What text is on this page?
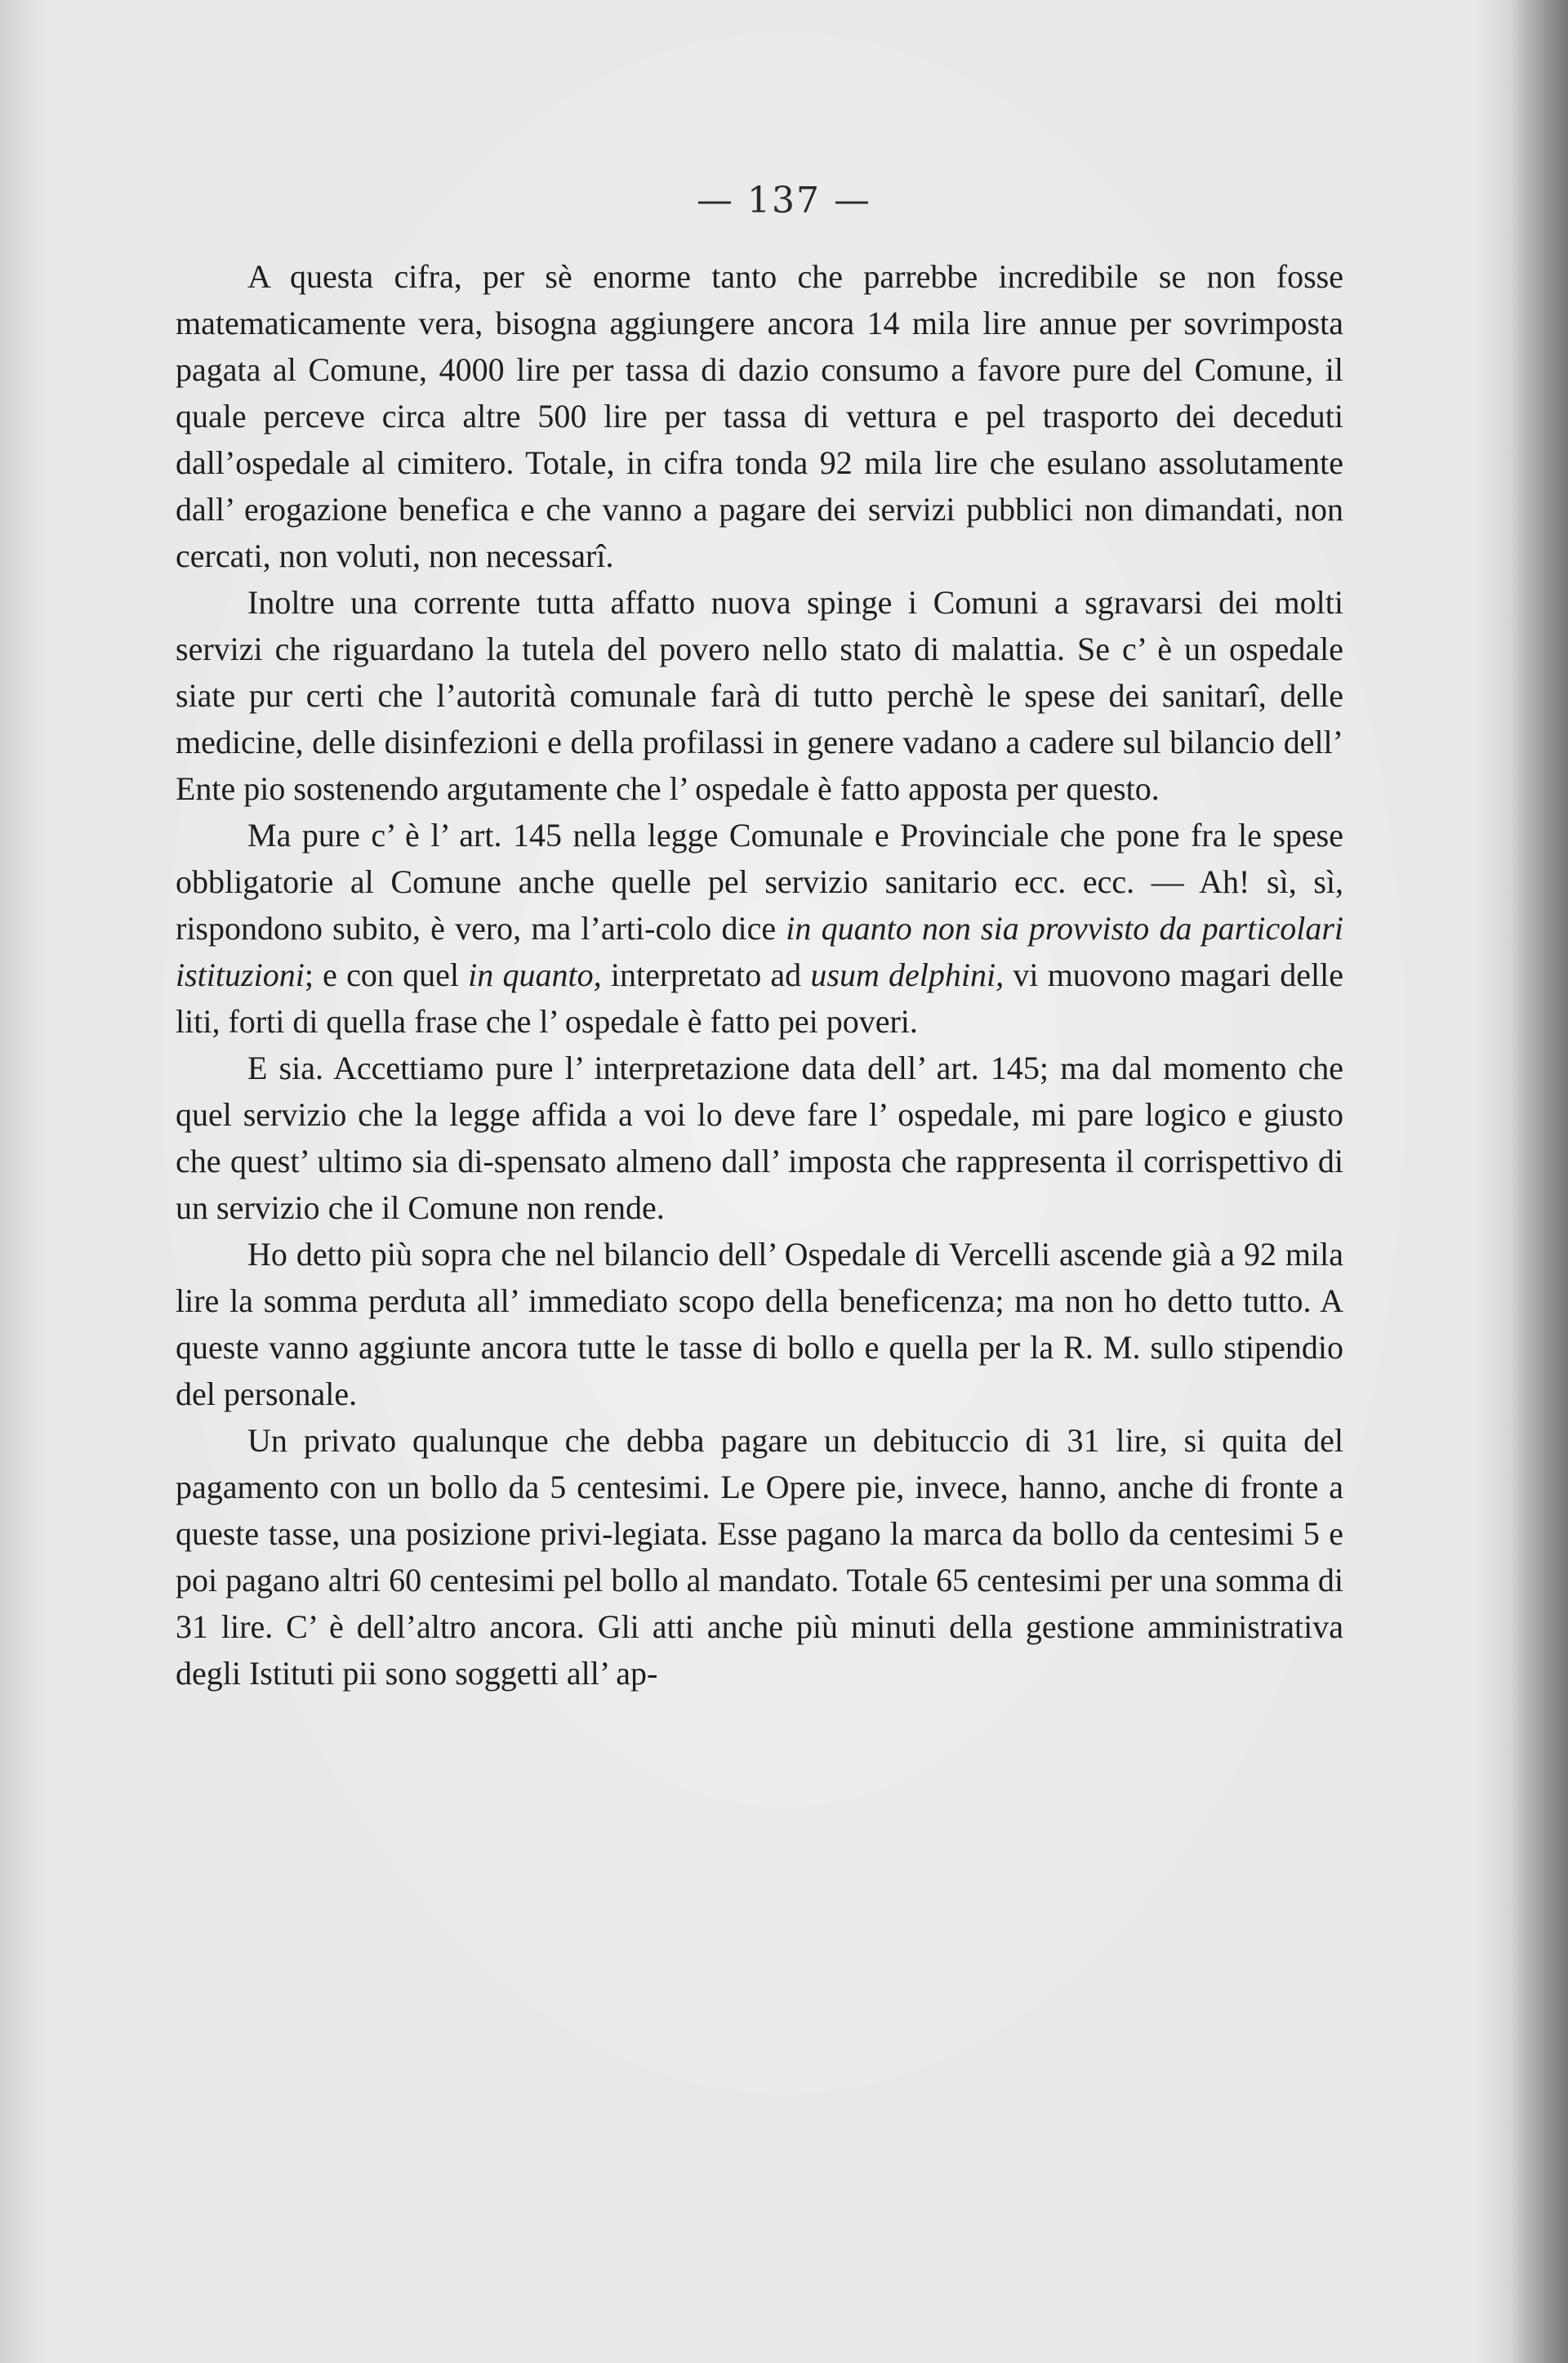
— 137 —

A questa cifra, per sè enorme tanto che parrebbe incredibile se non fosse matematicamente vera, bisogna aggiungere ancora 14 mila lire annue per sovrimposta pagata al Comune, 4000 lire per tassa di dazio consumo a favore pure del Comune, il quale perceve circa altre 500 lire per tassa di vettura e pel trasporto dei deceduti dall’ospedale al cimitero. Totale, in cifra tonda 92 mila lire che esulano assolutamente dall’ erogazione benefica e che vanno a pagare dei servizi pubblici non dimandati, non cercati, non voluti, non necessarî.

Inoltre una corrente tutta affatto nuova spinge i Comuni a sgravarsi dei molti servizi che riguardano la tutela del povero nello stato di malattia. Se c’ è un ospedale siate pur certi che l’autorità comunale farà di tutto perchè le spese dei sanitarî, delle medicine, delle disinfezioni e della profilassi in genere vadano a cadere sul bilancio dell’ Ente pio sostenendo argutamente che l’ ospedale è fatto apposta per questo.

Ma pure c’ è l’ art. 145 nella legge Comunale e Provinciale che pone fra le spese obbligatorie al Comune anche quelle pel servizio sanitario ecc. ecc. — Ah! sì, sì, rispondono subito, è vero, ma l’arti-colo dice in quanto non sia provvisto da particolari istituzioni; e con quel in quanto, interpretato ad usum delphini, vi muovono magari delle liti, forti di quella frase che l’ ospedale è fatto pei poveri.

E sia. Accettiamo pure l’ interpretazione data dell’ art. 145; ma dal momento che quel servizio che la legge affida a voi lo deve fare l’ ospedale, mi pare logico e giusto che quest’ ultimo sia di-spensato almeno dall’ imposta che rappresenta il corrispettivo di un servizio che il Comune non rende.

Ho detto più sopra che nel bilancio dell’ Ospedale di Vercelli ascende già a 92 mila lire la somma perduta all’ immediato scopo della beneficenza; ma non ho detto tutto. A queste vanno aggiunte ancora tutte le tasse di bollo e quella per la R. M. sullo stipendio del personale.

Un privato qualunque che debba pagare un debituccio di 31 lire, si quita del pagamento con un bollo da 5 centesimi. Le Opere pie, invece, hanno, anche di fronte a queste tasse, una posizione privi-legiata. Esse pagano la marca da bollo da centesimi 5 e poi pagano altri 60 centesimi pel bollo al mandato. Totale 65 centesimi per una somma di 31 lire. C’ è dell’altro ancora. Gli atti anche più minuti della gestione amministrativa degli Istituti pii sono soggetti all’ ap-
